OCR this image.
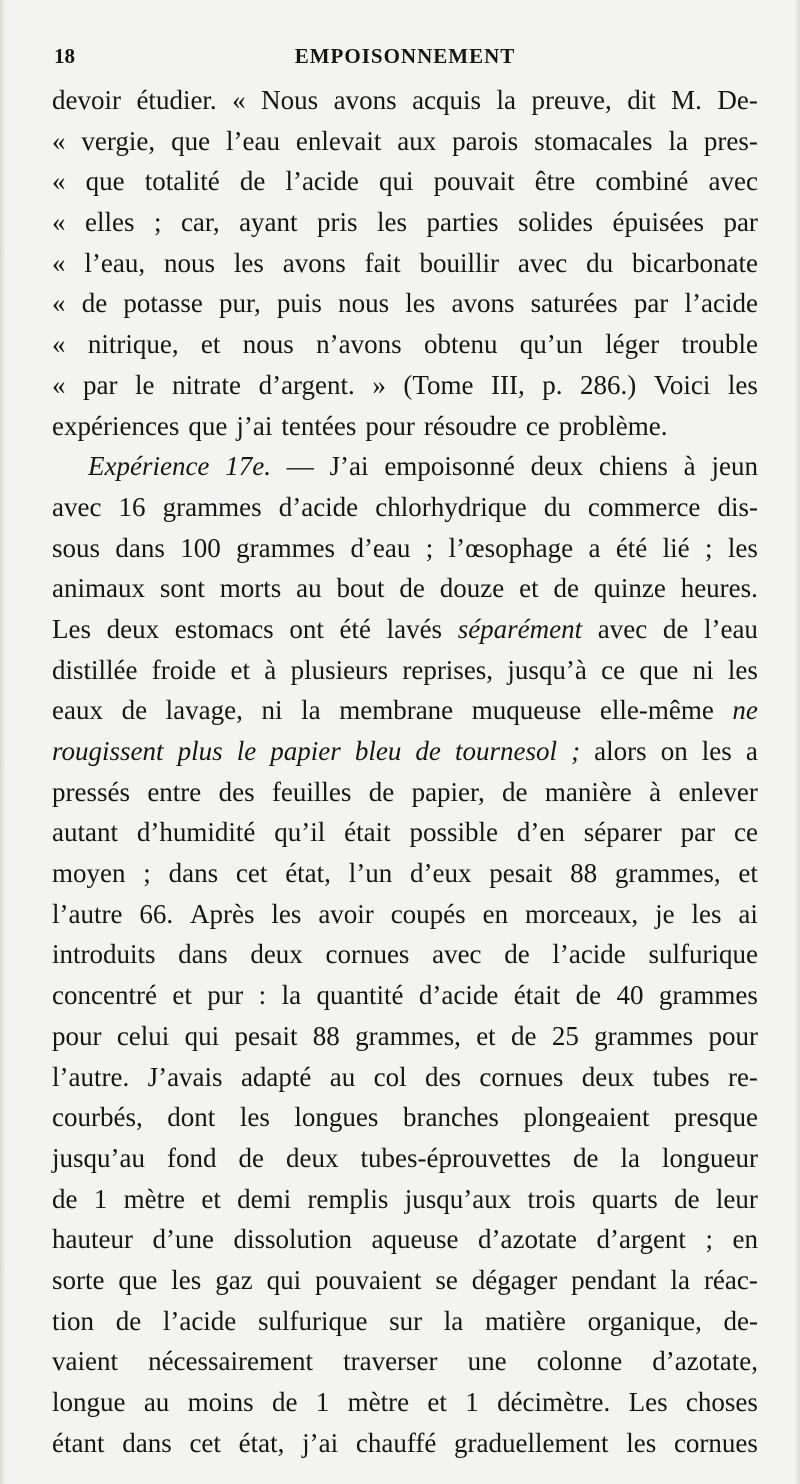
18	EMPOISONNEMENT
devoir étudier. « Nous avons acquis la preuve, dit M. De-
« vergie, que l’eau enlevait aux parois stomacales la pres-
« que totalité de l’acide qui pouvait être combiné avec
« elles ; car, ayant pris les parties solides épuisées par
« l’eau, nous les avons fait bouillir avec du bicarbonate
« de potasse pur, puis nous les avons saturées par l’acide
« nitrique, et nous n’avons obtenu qu’un léger trouble
« par le nitrate d’argent. » (Tome III, p. 286.) Voici les
expériences que j’ai tentées pour résoudre ce problème.
Expérience 17e. — J’ai empoisonné deux chiens à jeun
avec 16 grammes d’acide chlorhydrique du commerce dis-
sous dans 100 grammes d’eau ; l’œsophage a été lié ; les
animaux sont morts au bout de douze et de quinze heures.
Les deux estomacs ont été lavés séparément avec de l’eau
distillée froide et à plusieurs reprises, jusqu’à ce que ni les
eaux de lavage, ni la membrane muqueuse elle-même ne
rougissent plus le papier bleu de tournesol ; alors on les a
pressés entre des feuilles de papier, de manière à enlever
autant d’humidité qu’il était possible d’en séparer par ce
moyen ; dans cet état, l’un d’eux pesait 88 grammes, et
l’autre 66. Après les avoir coupés en morceaux, je les ai
introduits dans deux cornues avec de l’acide sulfurique
concentré et pur : la quantité d’acide était de 40 grammes
pour celui qui pesait 88 grammes, et de 25 grammes pour
l’autre. J’avais adapté au col des cornues deux tubes re-
courbés, dont les longues branches plongeaient presque
jusqu’au fond de deux tubes-éprouvettes de la longueur
de 1 mètre et demi remplis jusqu’aux trois quarts de leur
hauteur d’une dissolution aqueuse d’azotate d’argent ; en
sorte que les gaz qui pouvaient se dégager pendant la réac-
tion de l’acide sulfurique sur la matière organique, de-
vaient nécessairement traverser une colonne d’azotate,
longue au moins de 1 mètre et 1 décimètre. Les choses
étant dans cet état, j’ai chauffé graduellement les cornues
